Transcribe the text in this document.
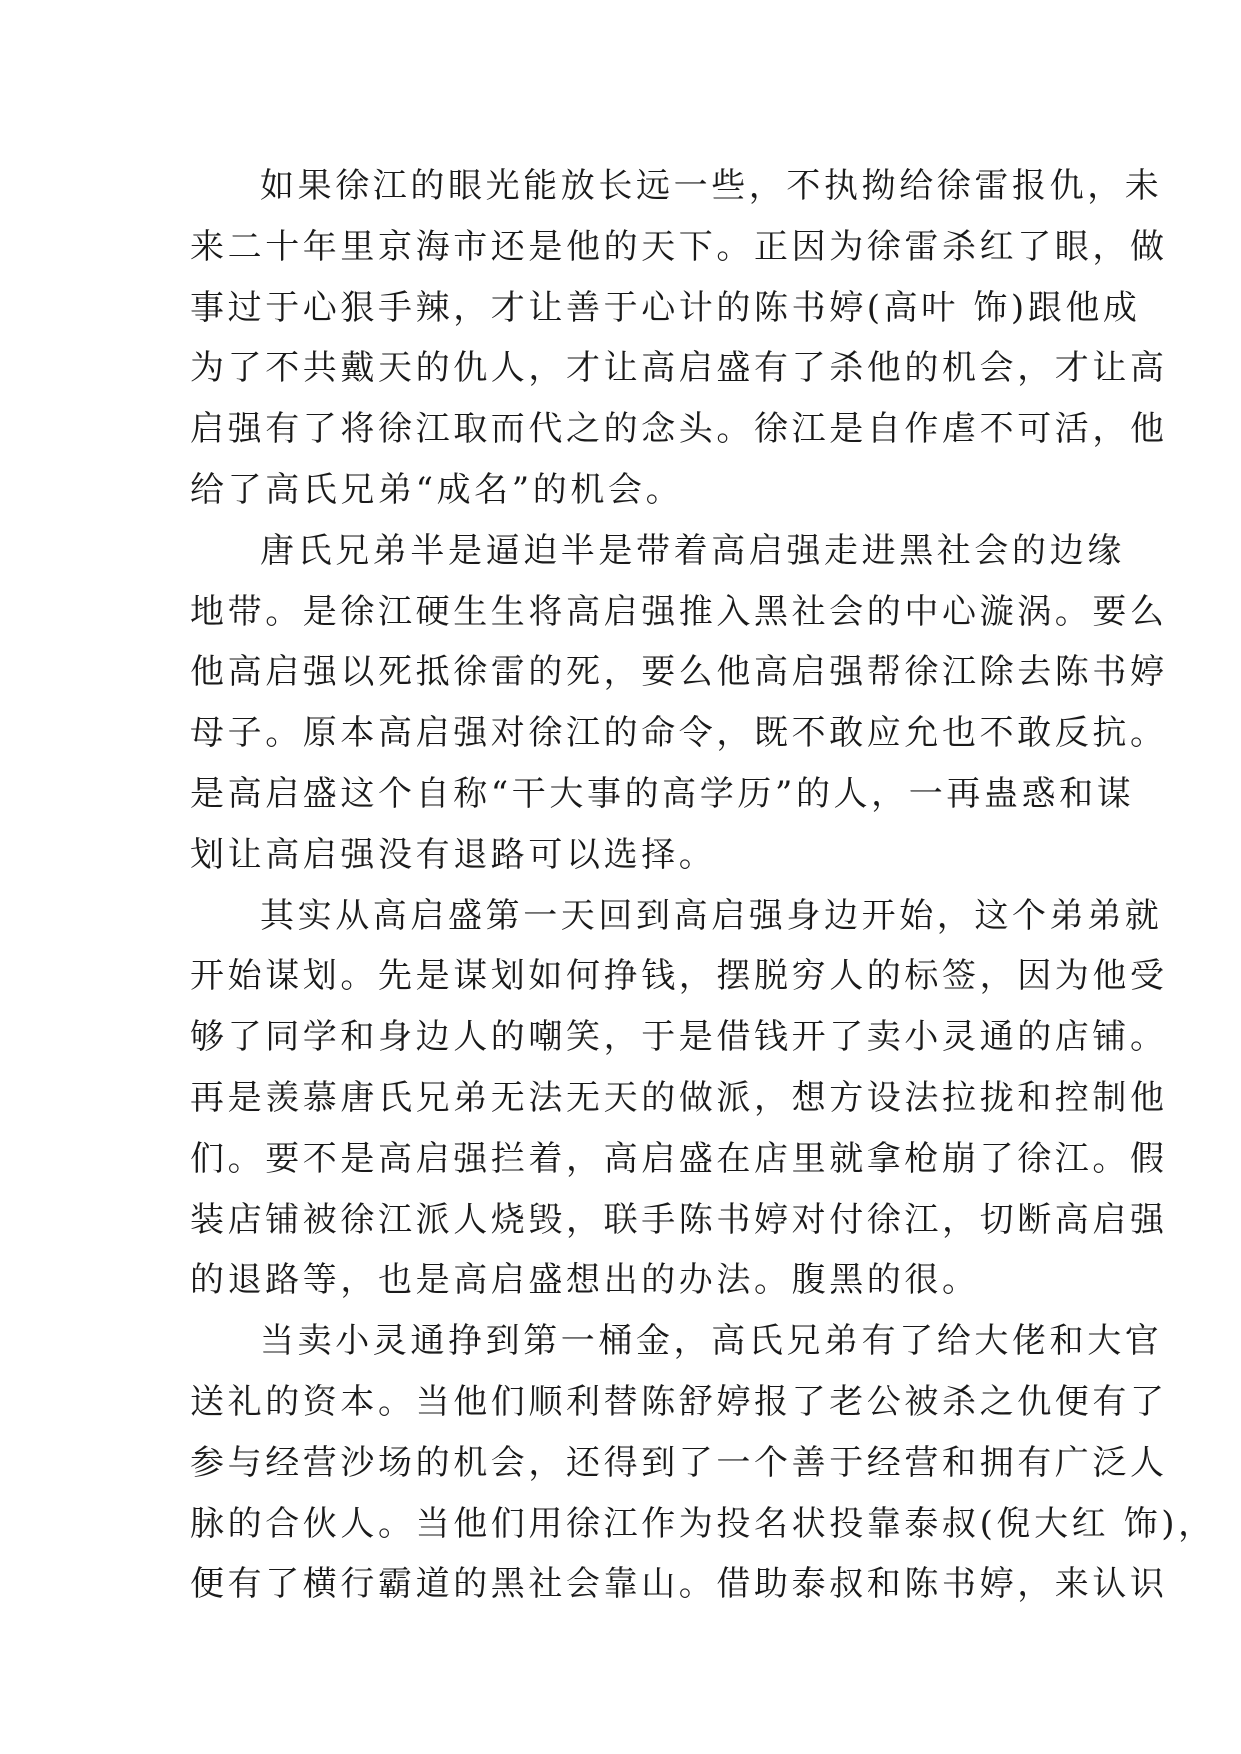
如果徐江的眼光能放长远一些，不执拗给徐雷报仇，未
来二十年里京海市还是他的天下。正因为徐雷杀红了眼，做
事过于心狠手辣，才让善于心计的陈书婷(高叶 饰)跟他成
为了不共戴天的仇人，才让高启盛有了杀他的机会，才让高
启强有了将徐江取而代之的念头。徐江是自作虐不可活，他
给了高氏兄弟“成名”的机会。
唐氏兄弟半是逼迫半是带着高启强走进黑社会的边缘
地带。是徐江硬生生将高启强推入黑社会的中心漩涡。要么
他高启强以死抵徐雷的死，要么他高启强帮徐江除去陈书婷
母子。原本高启强对徐江的命令，既不敢应允也不敢反抗。
是高启盛这个自称“干大事的高学历”的人，一再蛊惑和谋
划让高启强没有退路可以选择。
其实从高启盛第一天回到高启强身边开始，这个弟弟就
开始谋划。先是谋划如何挣钱，摆脱穷人的标签，因为他受
够了同学和身边人的嘲笑，于是借钱开了卖小灵通的店铺。
再是羡慕唐氏兄弟无法无天的做派，想方设法拉拢和控制他
们。要不是高启强拦着，高启盛在店里就拿枪崩了徐江。假
装店铺被徐江派人烧毁，联手陈书婷对付徐江，切断高启强
的退路等，也是高启盛想出的办法。腹黑的很。
当卖小灵通挣到第一桶金，高氏兄弟有了给大佬和大官
送礼的资本。当他们顺利替陈舒婷报了老公被杀之仇便有了
参与经营沙场的机会，还得到了一个善于经营和拥有广泛人
脉的合伙人。当他们用徐江作为投名状投靠泰叔(倪大红 饰)，
便有了横行霸道的黑社会靠山。借助泰叔和陈书婷，来认识
